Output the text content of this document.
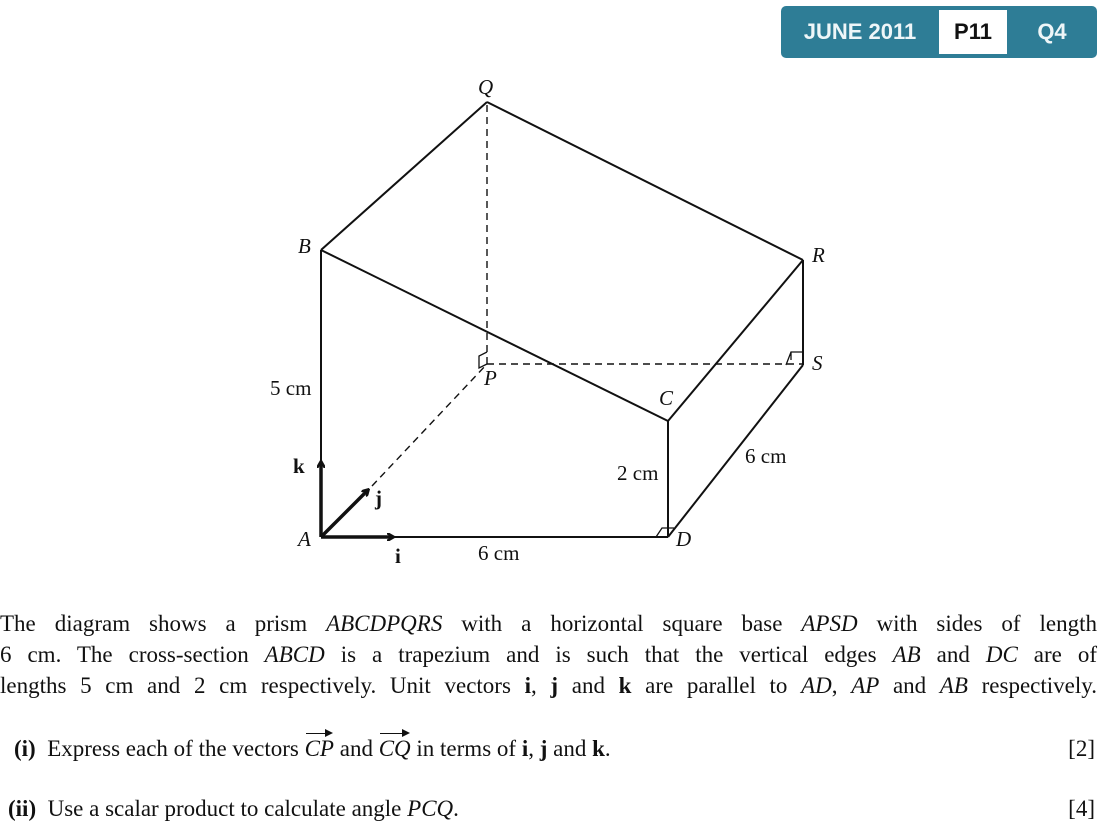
JUNE 2011	P11	Q4
Q
B	R
S
P
C
A	D
5 cm
2 cm
6 cm
6 cm
k
j
i
The diagram shows a prism ABCDPQRS with a horizontal square base APSD with sides of length
6 cm. The cross-section ABCD is a trapezium and is such that the vertical edges AB and DC are of
lengths 5 cm and 2 cm respectively. Unit vectors i, j and k are parallel to AD, AP and AB respectively.
(i) Express each of the vectors CP and CQ in terms of i, j and k.	[2]
(ii) Use a scalar product to calculate angle PCQ.	[4]
